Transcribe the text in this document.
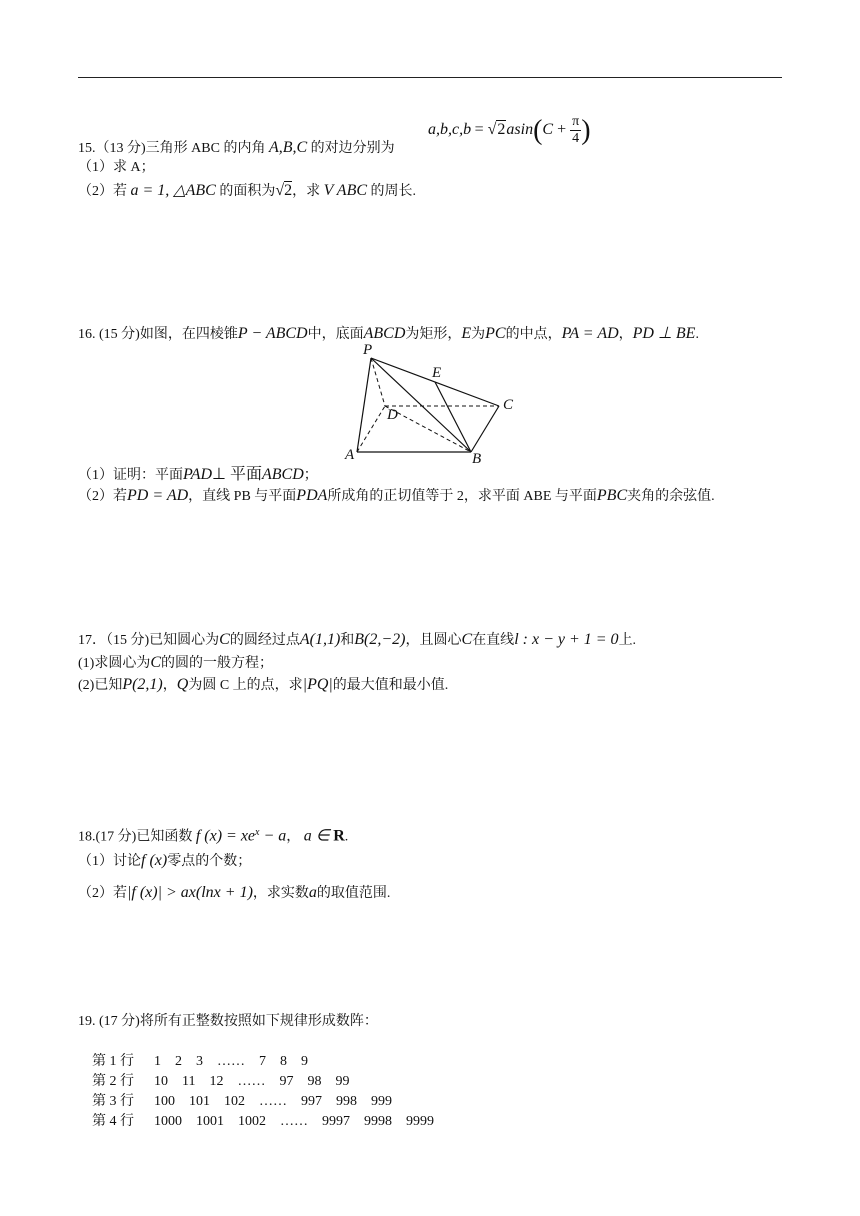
$a,b,c,b = √2asin(C + \frac{\pi}{4}$ )
15.（13 分)三角形 ABC 的内角 A,B,C 的对边分别为
（1）求 A；
（2）若 a = 1, △ABC 的面积为√2，求 V ABC 的周长.
16. (15 分)如图，在四棱锥P − ABCD中，底面ABCD为矩形，E为PC的中点，PA = AD，PD ⊥ BE.
P
E
C
D
A	B
（1）证明：平面PAD⊥ 平面ABCD；
（2）若PD = AD，直线 PB 与平面PDA所成角的正切值等于 2，求平面 ABE 与平面PBC夹角的余弦值.
17．（15 分)已知圆心为C的圆经过点A(1,1)和B(2,−2)，且圆心C在直线l : x − y + 1 = 0上.
(1)求圆心为C的圆的一般方程；
(2)已知P(2,1)，Q为圆 C 上的点，求|PQ|的最大值和最小值.
18.(17 分)已知函数 f $(x) = xe^x - a$， a ∈ R.
（1）讨论f (x)零点的个数；
（2）若|f (x)| > ax(lnx + 1)，求实数a的取值范围.
19. (17 分)将所有正整数按照如下规律形成数阵：

第 1 行 1    2    3    ……    7    8    9

第 2 行 10    11    12    ……    97    98    99

第 3 行 100    101    102    ……    997    998    999

第 4 行 1000    1001    1002    ……    9997    9998    9999
